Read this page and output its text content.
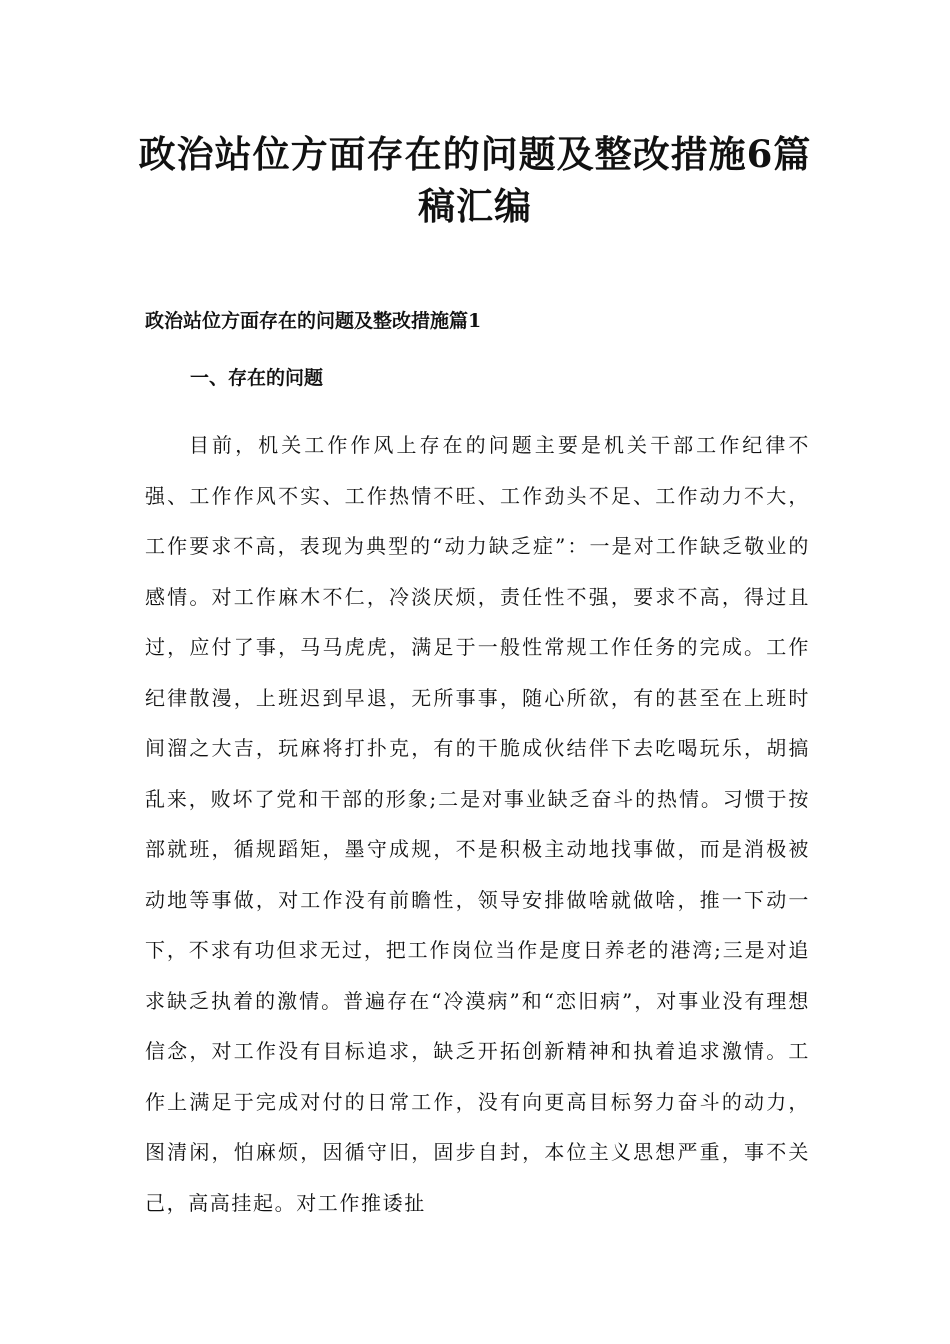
政治站位方面存在的问题及整改措施6篇稿汇编
政治站位方面存在的问题及整改措施篇1
一、存在的问题

目前，机关工作作风上存在的问题主要是机关干部工作纪律不强、工作作风不实、工作热情不旺、工作劲头不足、工作动力不大，工作要求不高，表现为典型的“动力缺乏症”：一是对工作缺乏敬业的感情。对工作麻木不仁，冷淡厌烦，责任性不强，要求不高，得过且过，应付了事，马马虎虎，满足于一般性常规工作任务的完成。工作纪律散漫，上班迟到早退，无所事事，随心所欲，有的甚至在上班时间溜之大吉，玩麻将打扑克，有的干脆成伙结伴下去吃喝玩乐，胡搞乱来，败坏了党和干部的形象;二是对事业缺乏奋斗的热情。习惯于按部就班，循规蹈矩，墨守成规，不是积极主动地找事做，而是消极被动地等事做，对工作没有前瞻性，领导安排做啥就做啥，推一下动一下，不求有功但求无过，把工作岗位当作是度日养老的港湾;三是对追求缺乏执着的激情。普遍存在“冷漠病”和“恋旧病”，对事业没有理想信念，对工作没有目标追求，缺乏开拓创新精神和执着追求激情。工作上满足于完成对付的日常工作，没有向更高目标努力奋斗的动力，图清闲，怕麻烦，因循守旧，固步自封，本位主义思想严重，事不关己，高高挂起。对工作推诿扯
